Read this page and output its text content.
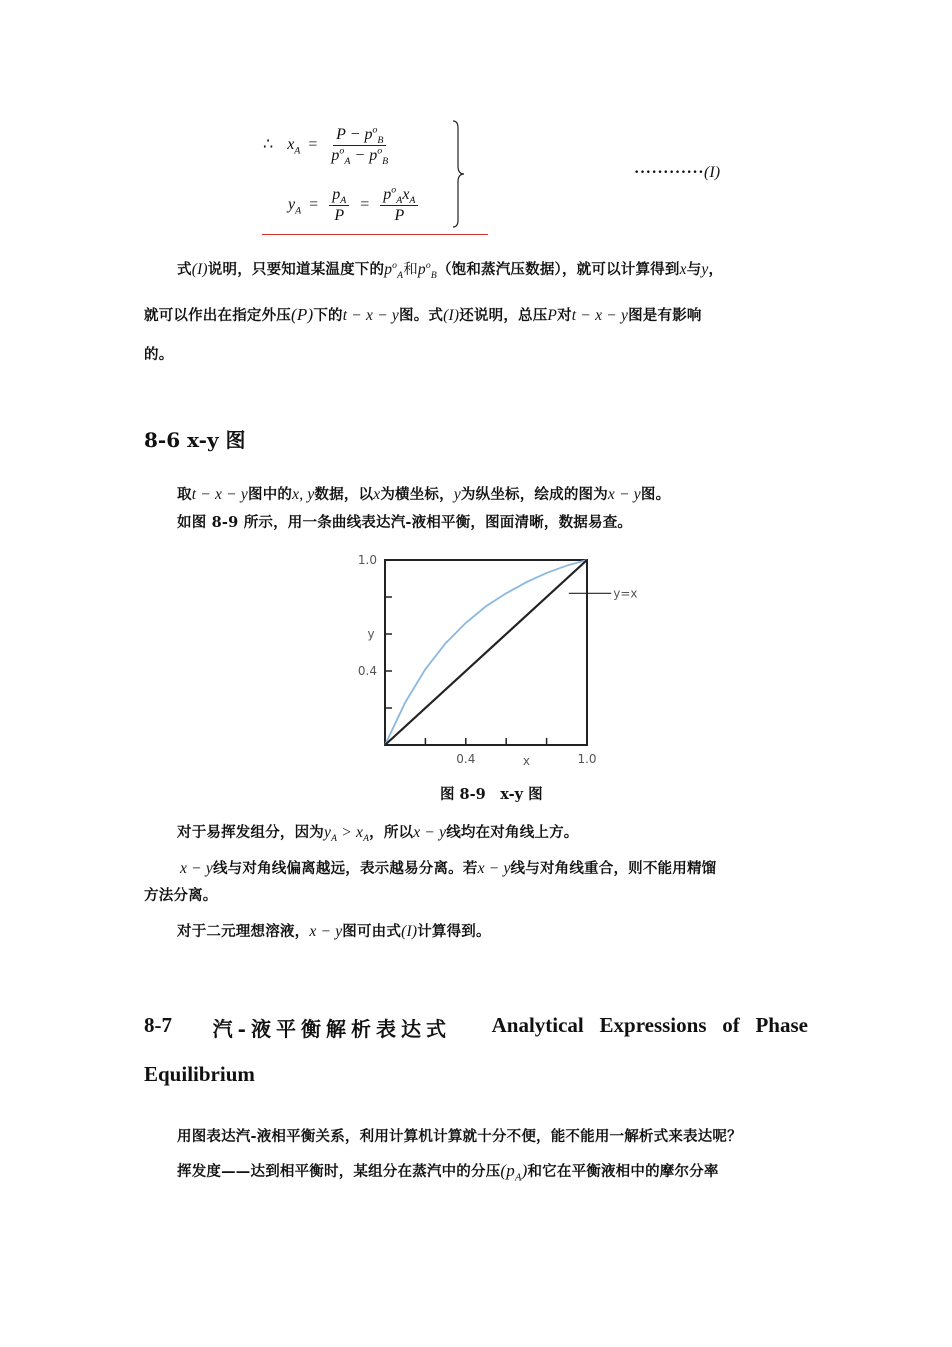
∴ $x_A = \frac{P - p^o_B}{p^o_A - p^o_B}$
$y_A = \frac{p_A}{P} = \frac{p^o_Ax_A}{P}$
············(I)
式(I)说明，只要知道某温度下的$p^o_A$和$p^o_B$（饱和蒸汽压数据），就可以计算得到x与y，
就可以作出在指定外压(P)下的t − x − y图。式(I)还说明，总压P对t − x − y图是有影响
的。
8-6 x-y 图
取t − x − y图中的x, y数据，以x为横坐标，y为纵坐标，绘成的图为x − y图。
如图 8-9 所示，用一条曲线表达汽-液相平衡，图面清晰，数据易查。
0.4
1.0
0.4	1.0
y
x
y=x
图 8-9　x-y 图
对于易挥发组分，因为$y_A > x_A$，所以x − y线均在对角线上方。
x − y线与对角线偏离越远，表示越易分离。若x − y线与对角线重合，则不能用精馏
方法分离。
对于二元理想溶液，x − y图可由式(I)计算得到。
8-7 汽-液平衡解析表达式 Analytical   Expressions   of   Phase
Equilibrium
用图表达汽-液相平衡关系，利用计算机计算就十分不便，能不能用一解析式来表达呢？
挥发度——达到相平衡时，某组分在蒸汽中的分压$(p_A)$和它在平衡液相中的摩尔分率
